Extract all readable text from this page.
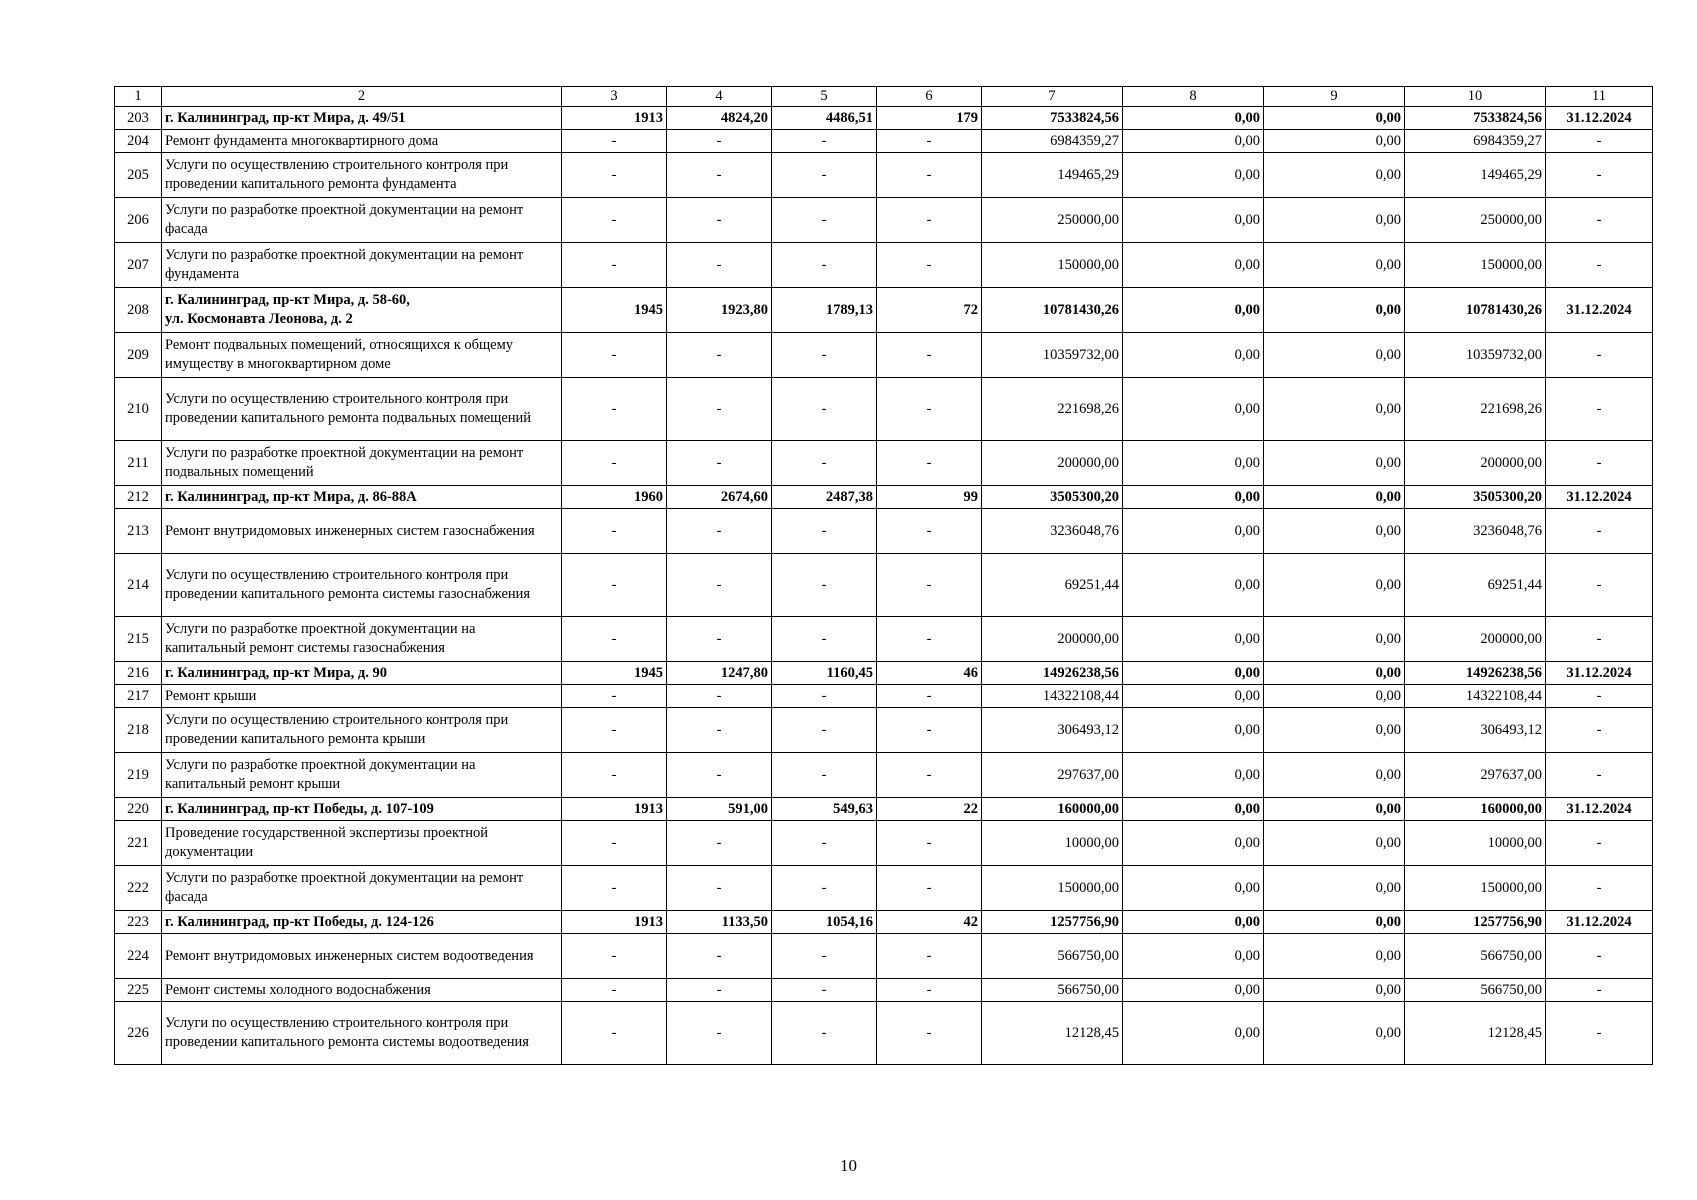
1	2	3	4	5	6	7	8	9	10	11
203	г. Калининград, пр-кт Мира, д. 49/51	1913	4824,20	4486,51	179	7533824,56	0,00	0,00	7533824,56	31.12.2024
204	Ремонт фундамента многоквартирного дома	-	-	-	-	6984359,27	0,00	0,00	6984359,27	-
205	Услуги по осуществлению строительного контроля при проведении капитального ремонта фундамента	-	-	-	-	149465,29	0,00	0,00	149465,29	-
206	Услуги по разработке проектной документации на ремонт фасада	-	-	-	-	250000,00	0,00	0,00	250000,00	-
207	Услуги по разработке проектной документации на ремонт фундамента	-	-	-	-	150000,00	0,00	0,00	150000,00	-
208	г. Калининград, пр-кт Мира, д. 58-60,
ул. Космонавта Леонова, д. 2	1945	1923,80	1789,13	72	10781430,26	0,00	0,00	10781430,26	31.12.2024
209	Ремонт подвальных помещений, относящихся к общему имуществу в многоквартирном доме	-	-	-	-	10359732,00	0,00	0,00	10359732,00	-
210	Услуги по осуществлению строительного контроля при проведении капитального ремонта подвальных помещений	-	-	-	-	221698,26	0,00	0,00	221698,26	-
211	Услуги по разработке проектной документации на ремонт подвальных помещений	-	-	-	-	200000,00	0,00	0,00	200000,00	-
212	г. Калининград, пр-кт Мира, д. 86-88А	1960	2674,60	2487,38	99	3505300,20	0,00	0,00	3505300,20	31.12.2024
213	Ремонт внутридомовых инженерных систем газоснабжения	-	-	-	-	3236048,76	0,00	0,00	3236048,76	-
214	Услуги по осуществлению строительного контроля при проведении капитального ремонта системы газоснабжения	-	-	-	-	69251,44	0,00	0,00	69251,44	-
215	Услуги по разработке проектной документации на капитальный ремонт системы газоснабжения	-	-	-	-	200000,00	0,00	0,00	200000,00	-
216	г. Калининград, пр-кт Мира, д. 90	1945	1247,80	1160,45	46	14926238,56	0,00	0,00	14926238,56	31.12.2024
217	Ремонт крыши	-	-	-	-	14322108,44	0,00	0,00	14322108,44	-
218	Услуги по осуществлению строительного контроля при проведении капитального ремонта крыши	-	-	-	-	306493,12	0,00	0,00	306493,12	-
219	Услуги по разработке проектной документации на капитальный ремонт крыши	-	-	-	-	297637,00	0,00	0,00	297637,00	-
220	г. Калининград, пр-кт Победы, д. 107-109	1913	591,00	549,63	22	160000,00	0,00	0,00	160000,00	31.12.2024
221	Проведение государственной экспертизы проектной документации	-	-	-	-	10000,00	0,00	0,00	10000,00	-
222	Услуги по разработке проектной документации на ремонт фасада	-	-	-	-	150000,00	0,00	0,00	150000,00	-
223	г. Калининград, пр-кт Победы, д. 124-126	1913	1133,50	1054,16	42	1257756,90	0,00	0,00	1257756,90	31.12.2024
224	Ремонт внутридомовых инженерных систем водоотведения	-	-	-	-	566750,00	0,00	0,00	566750,00	-
225	Ремонт системы холодного водоснабжения	-	-	-	-	566750,00	0,00	0,00	566750,00	-
226	Услуги по осуществлению строительного контроля при проведении капитального ремонта системы водоотведения	-	-	-	-	12128,45	0,00	0,00	12128,45	-
10
